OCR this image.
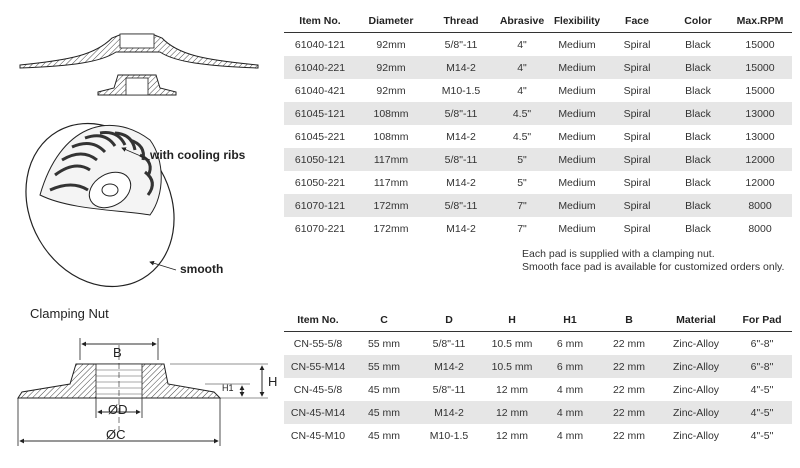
with cooling ribs
smooth
Clamping Nut
B
H
H1
ØD
ØC
Item No.	Diameter	Thread	Abrasive	Flexibility	Face	Color	Max.RPM
61040-121	92mm	5/8"-11	4"	Medium	Spiral	Black	15000
61040-221	92mm	M14-2	4"	Medium	Spiral	Black	15000
61040-421	92mm	M10-1.5	4"	Medium	Spiral	Black	15000
61045-121	108mm	5/8"-11	4.5"	Medium	Spiral	Black	13000
61045-221	108mm	M14-2	4.5"	Medium	Spiral	Black	13000
61050-121	117mm	5/8"-11	5"	Medium	Spiral	Black	12000
61050-221	117mm	M14-2	5"	Medium	Spiral	Black	12000
61070-121	172mm	5/8"-11	7"	Medium	Spiral	Black	8000
61070-221	172mm	M14-2	7"	Medium	Spiral	Black	8000
Each pad is supplied with a clamping nut.
Smooth face pad is available for customized orders only.
Item No.	C	D	H	H1	B	Material	For Pad
CN-55-5/8	55 mm	5/8"-11	10.5 mm	6 mm	22 mm	Zinc-Alloy	6"-8"
CN-55-M14	55 mm	M14-2	10.5 mm	6 mm	22 mm	Zinc-Alloy	6"-8"
CN-45-5/8	45 mm	5/8"-11	12 mm	4 mm	22 mm	Zinc-Alloy	4"-5"
CN-45-M14	45 mm	M14-2	12 mm	4 mm	22 mm	Zinc-Alloy	4"-5"
CN-45-M10	45 mm	M10-1.5	12 mm	4 mm	22 mm	Zinc-Alloy	4"-5"
